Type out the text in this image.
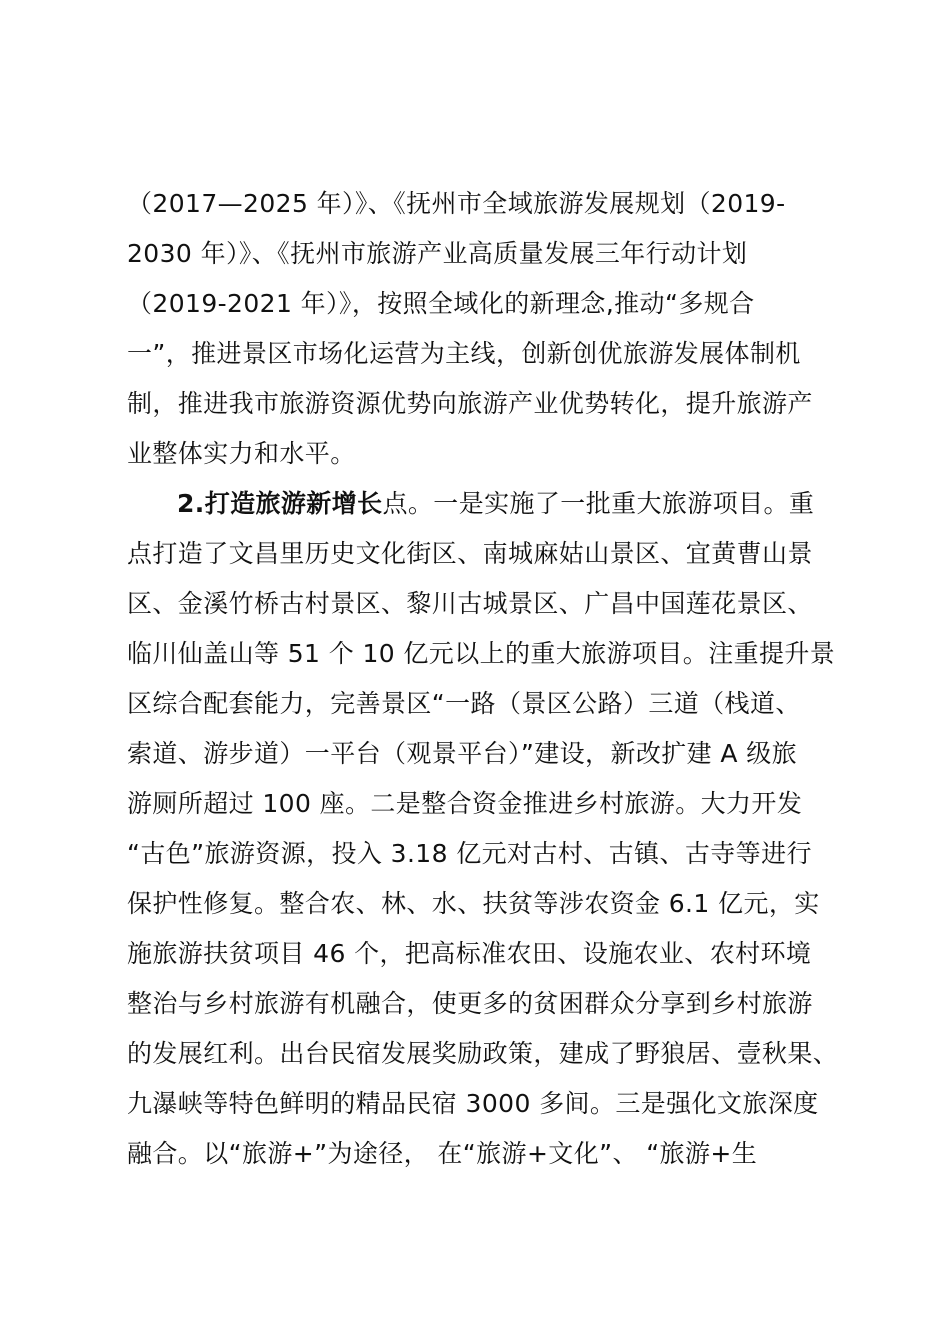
（2017—2025 年）》、《抚州市全域旅游发展规划（2019-
2030 年）》、《抚州市旅游产业高质量发展三年行动计划
（2019-2021 年）》，按照全域化的新理念,推动“多规合
一”，推进景区市场化运营为主线，创新创优旅游发展体制机
制，推进我市旅游资源优势向旅游产业优势转化，提升旅游产
业整体实力和水平。
2.打造旅游新增长点。一是实施了一批重大旅游项目。重
点打造了文昌里历史文化街区、南城麻姑山景区、宜黄曹山景
区、金溪竹桥古村景区、黎川古城景区、广昌中国莲花景区、
临川仙盖山等 51 个 10 亿元以上的重大旅游项目。注重提升景
区综合配套能力，完善景区“一路（景区公路）三道（栈道、
索道、游步道）一平台（观景平台）”建设，新改扩建 A 级旅
游厕所超过 100 座。二是整合资金推进乡村旅游。大力开发
“古色”旅游资源，投入 3.18 亿元对古村、古镇、古寺等进行
保护性修复。整合农、林、水、扶贫等涉农资金 6.1 亿元，实
施旅游扶贫项目 46 个，把高标准农田、设施农业、农村环境
整治与乡村旅游有机融合，使更多的贫困群众分享到乡村旅游
的发展红利。出台民宿发展奖励政策，建成了野狼居、壹秋果、
九瀑峡等特色鲜明的精品民宿 3000 多间。三是强化文旅深度
融合。以“旅游+”为途径， 在“旅游+文化”、 “旅游+生
